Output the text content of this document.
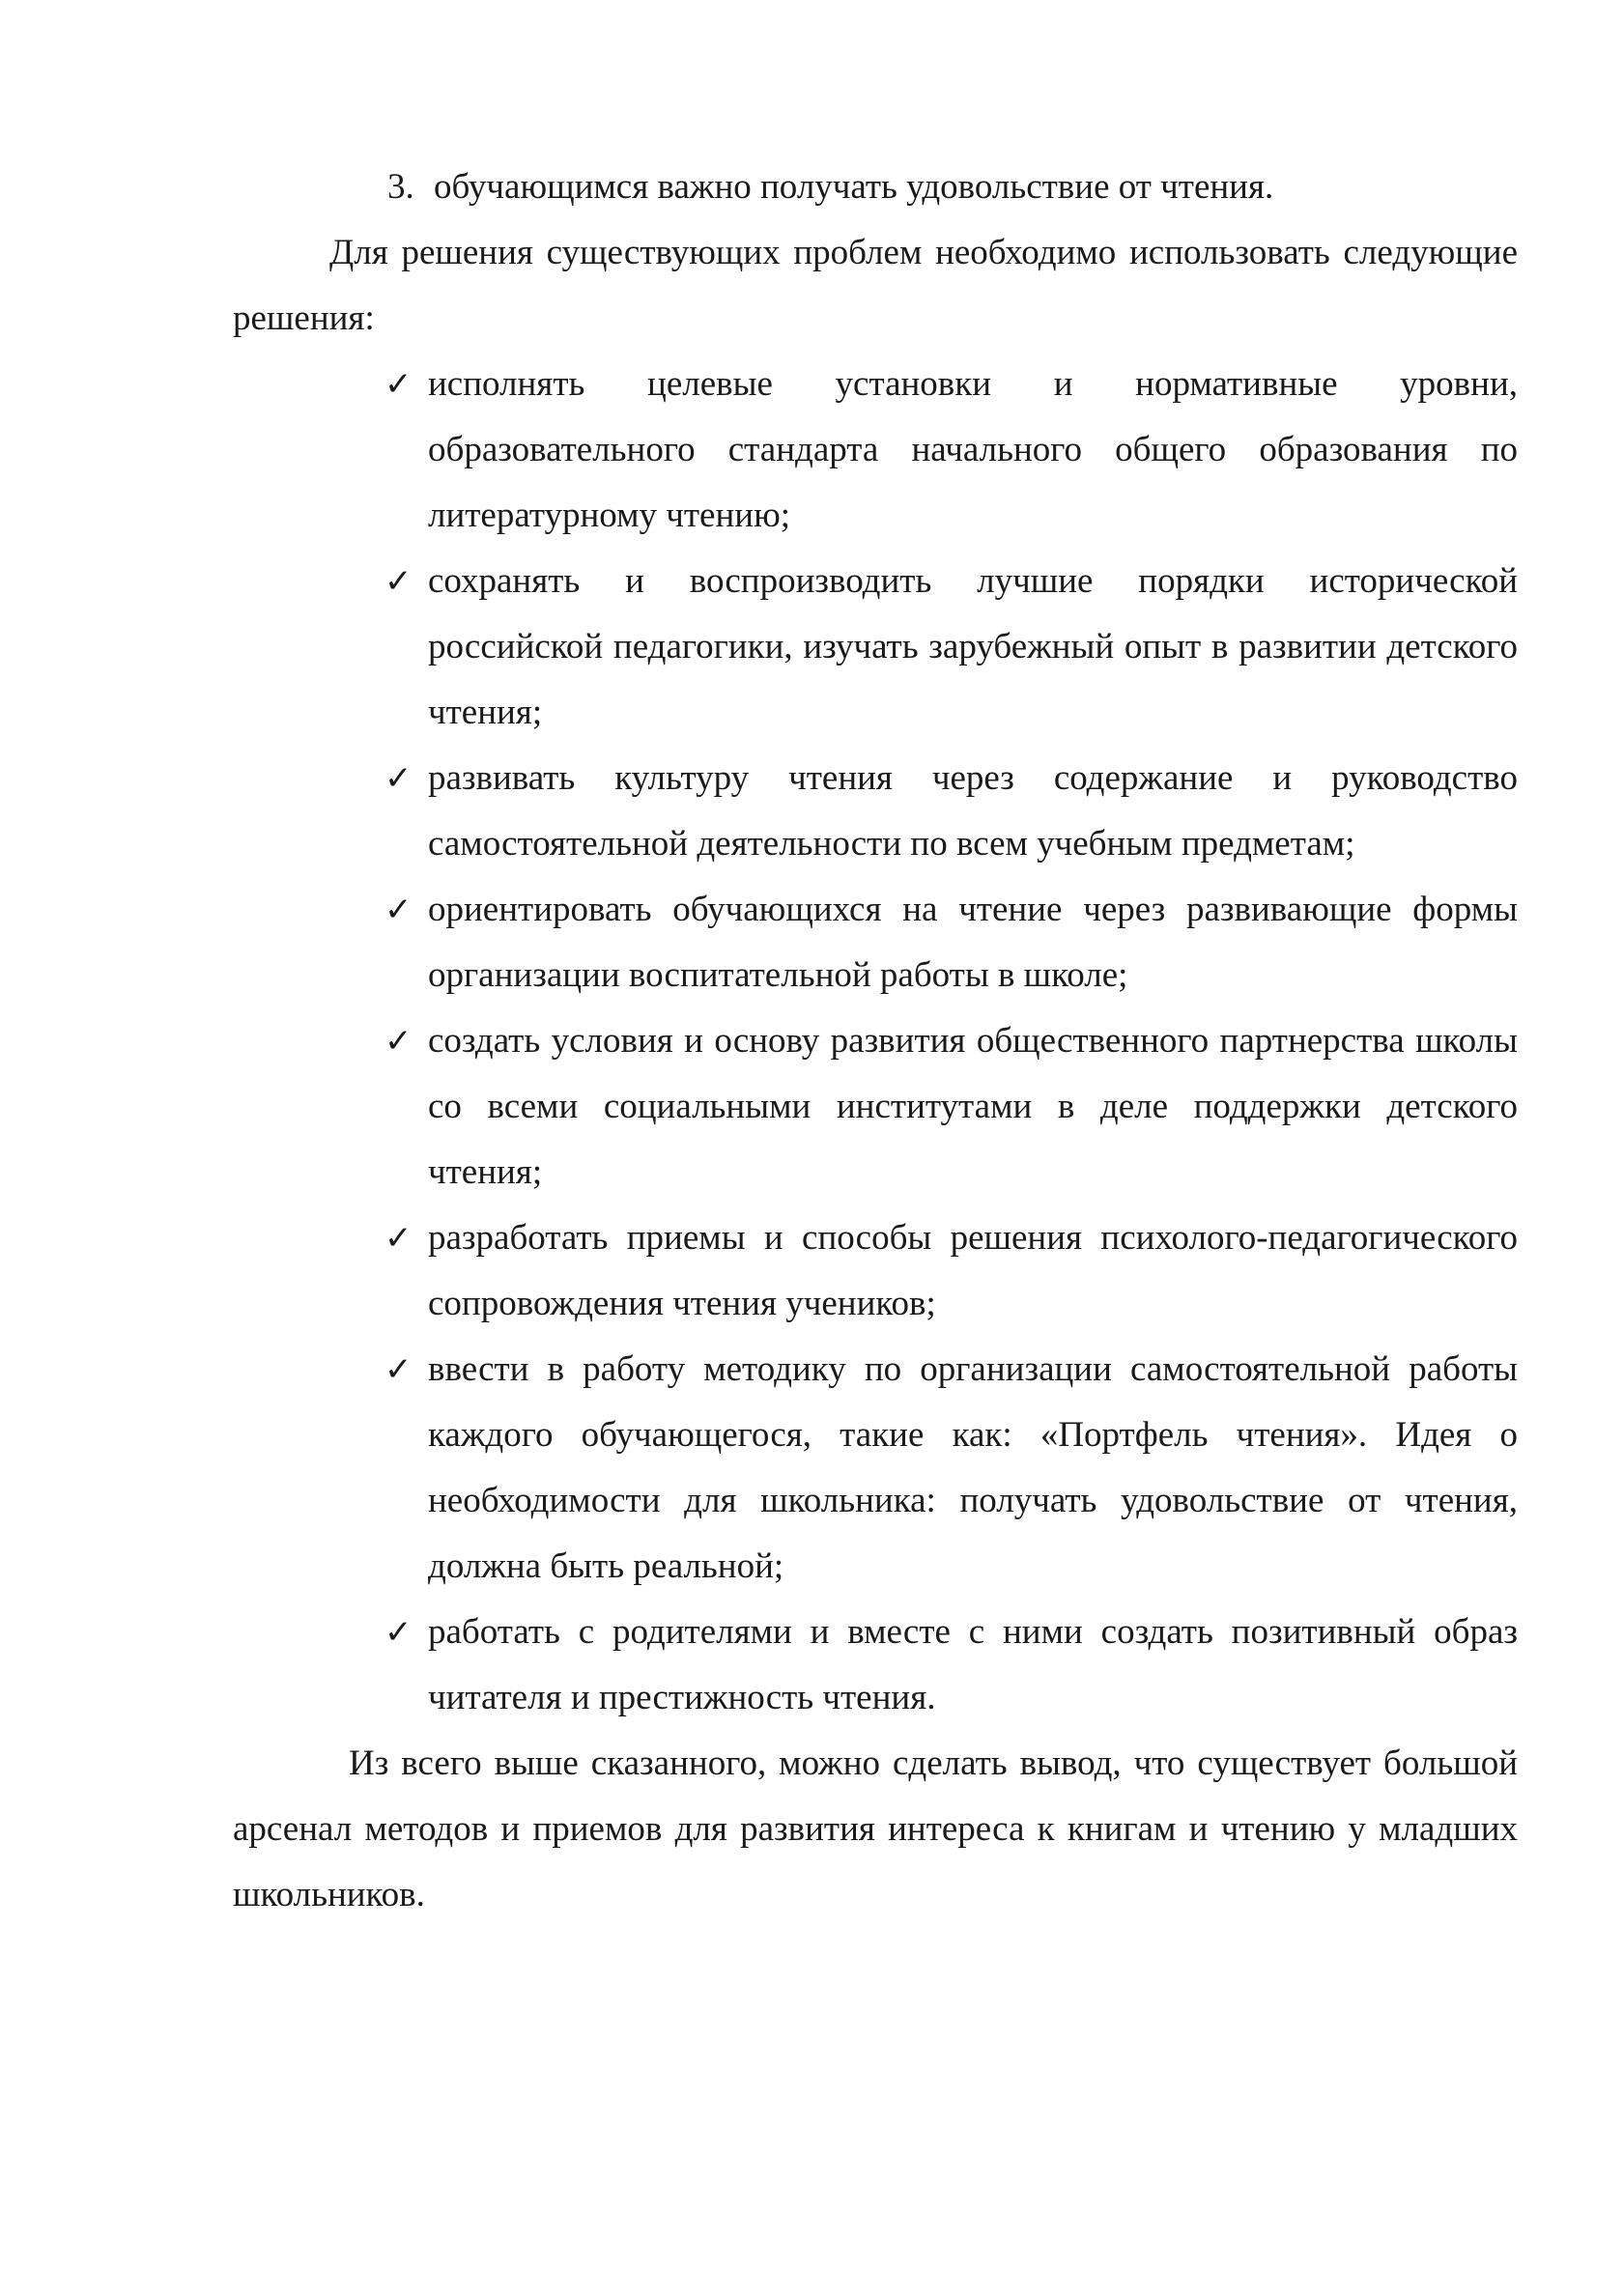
3. обучающимся важно получать удовольствие от чтения.

Для решения существующих проблем необходимо использовать следующие решения:

✓ исполнять целевые установки и нормативные уровни, образовательного стандарта начального общего образования по литературному чтению;
✓ сохранять и воспроизводить лучшие порядки исторической российской педагогики, изучать зарубежный опыт в развитии детского чтения;
✓ развивать культуру чтения через содержание и руководство самостоятельной деятельности по всем учебным предметам;
✓ ориентировать обучающихся на чтение через развивающие формы организации воспитательной работы в школе;
✓ создать условия и основу развития общественного партнерства школы со всеми социальными институтами в деле поддержки детского чтения;
✓ разработать приемы и способы решения психолого-педагогического сопровождения чтения учеников;
✓ ввести в работу методику по организации самостоятельной работы каждого обучающегося, такие как: «Портфель чтения». Идея о необходимости для школьника: получать удовольствие от чтения, должна быть реальной;
✓ работать с родителями и вместе с ними создать позитивный образ читателя и престижность чтения.

Из всего выше сказанного, можно сделать вывод, что существует большой арсенал методов и приемов для развития интереса к книгам и чтению у младших школьников.
